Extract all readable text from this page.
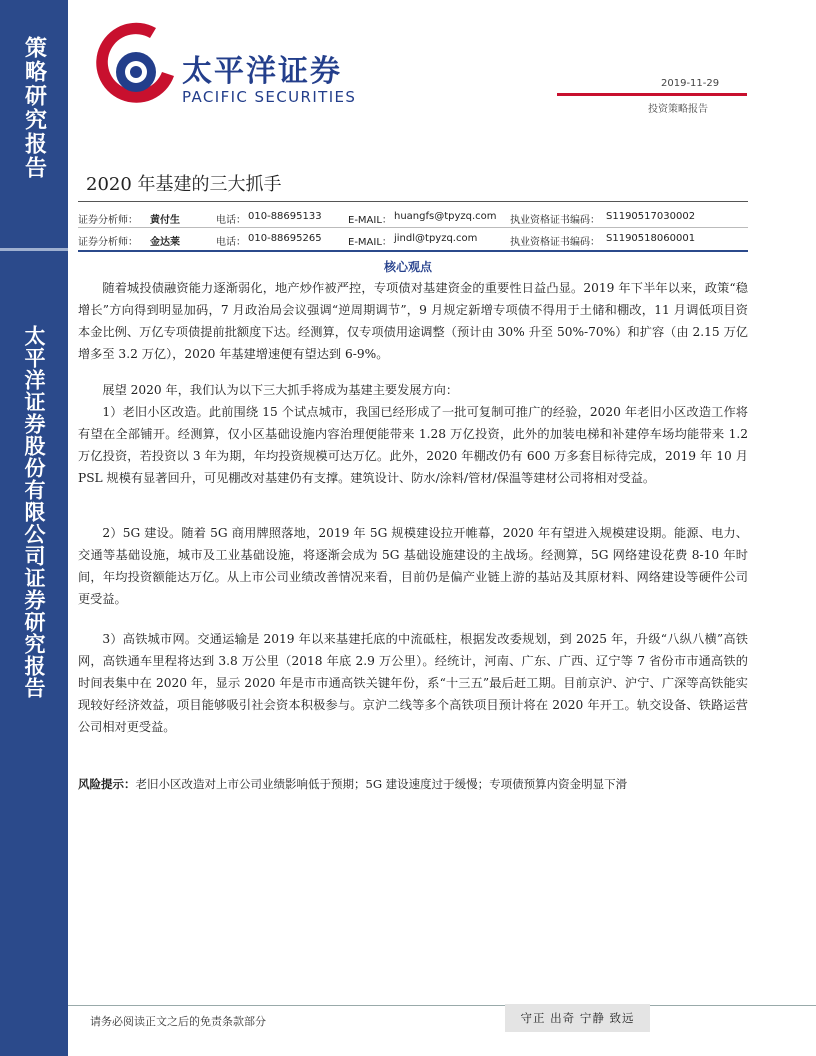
策略研究报告
太平洋证券股份有限公司证券研究报告
太平洋证券
PACIFIC SECURITIES
2019-11-29
投资策略报告
2020 年基建的三大抓手
证券分析师： 黄付生	电话： 010-88695133	E-MAIL： huangfs@tpyzq.com 执业资格证书编码： S1190517030002
证券分析师： 金达莱	电话： 010-88695265	E-MAIL： jindl@tpyzq.com	执业资格证书编码： S1190518060001
核心观点

随着城投债融资能力逐渐弱化，地产炒作被严控，专项债对基建资金的重要性日益凸显。2019 年下半年以来，政策“稳增长”方向得到明显加码，7 月政治局会议强调“逆周期调节”，9 月规定新增专项债不得用于土储和棚改，11 月调低项目资本金比例、万亿专项债提前批额度下达。经测算，仅专项债用途调整（预计由 30% 升至 50%-70%）和扩容（由 2.15 万亿增多至 3.2 万亿），2020 年基建增速便有望达到 6-9%。

展望 2020 年，我们认为以下三大抓手将成为基建主要发展方向：

1）老旧小区改造。此前围绕 15 个试点城市，我国已经形成了一批可复制可推广的经验，2020 年老旧小区改造工作将有望在全部铺开。经测算，仅小区基础设施内容治理便能带来 1.28 万亿投资，此外的加装电梯和补建停车场均能带来 1.2 万亿投资，若投资以 3 年为期，年均投资规模可达万亿。此外，2020 年棚改仍有 600 万多套目标待完成，2019 年 10 月 PSL 规模有显著回升，可见棚改对基建仍有支撑。建筑设计、防水/涂料/管材/保温等建材公司将相对受益。

2）5G 建设。随着 5G 商用牌照落地，2019 年 5G 规模建设拉开帷幕，2020 年有望进入规模建设期。能源、电力、交通等基础设施，城市及工业基础设施，将逐渐会成为 5G 基础设施建设的主战场。经测算，5G 网络建设花费 8-10 年时间，年均投资额能达万亿。从上市公司业绩改善情况来看，目前仍是偏产业链上游的基站及其原材料、网络建设等硬件公司更受益。

3）高铁城市网。交通运输是 2019 年以来基建托底的中流砥柱，根据发改委规划，到 2025 年，升级“八纵八横”高铁网，高铁通车里程将达到 3.8 万公里（2018 年底 2.9 万公里）。经统计，河南、广东、广西、辽宁等 7 省份市市通高铁的时间表集中在 2020 年，显示 2020 年是市市通高铁关键年份，系“十三五”最后赶工期。目前京沪、沪宁、广深等高铁能实现较好经济效益，项目能够吸引社会资本积极参与。京沪二线等多个高铁项目预计将在 2020 年开工。轨交设备、铁路运营公司相对更受益。

风险提示：老旧小区改造对上市公司业绩影响低于预期；5G 建设速度过于缓慢；专项债预算内资金明显下滑
请务必阅读正文之后的免责条款部分	守正 出奇 宁静 致远
